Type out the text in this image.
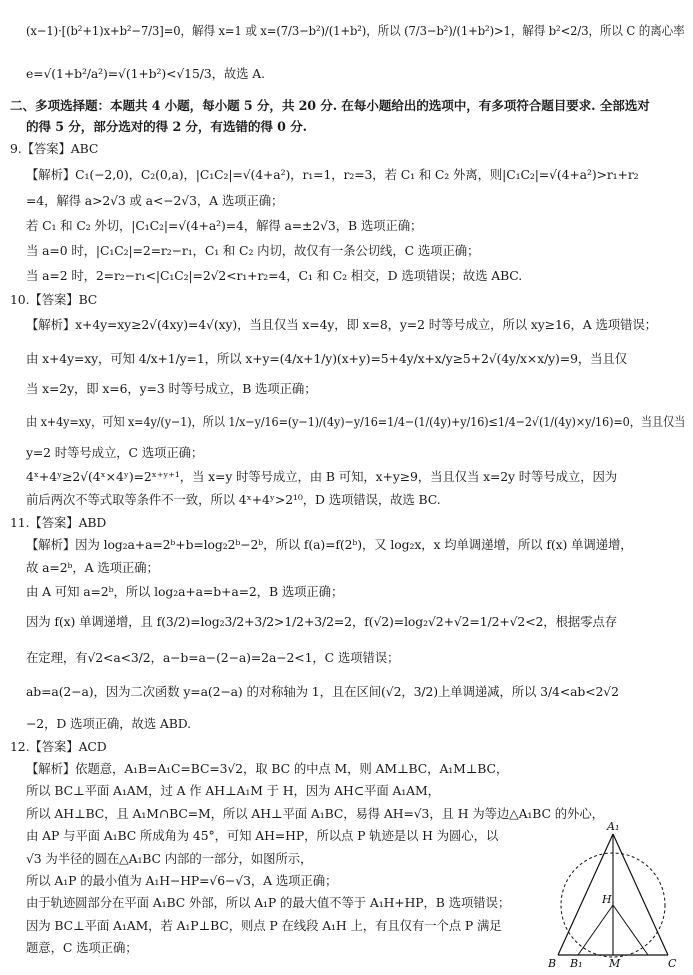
(x−1)·[(b²+1)x+b²−7/3]=0，解得 x=1 或 x=(7/3−b²)/(1+b²)，所以 (7/3−b²)/(1+b²)>1，解得 b²<2/3，所以 C 的离心率
e=√(1+b²/a²)=√(1+b²)<√15/3，故选 A.
二、多项选择题：本题共 4 小题，每小题 5 分，共 20 分. 在每小题给出的选项中，有多项符合题目要求. 全部选对
的得 5 分，部分选对的得 2 分，有选错的得 0 分.
9.【答案】ABC
【解析】C₁(−2,0)，C₂(0,a)，|C₁C₂|=√(4+a²)，r₁=1，r₂=3，若 C₁ 和 C₂ 外离，则|C₁C₂|=√(4+a²)>r₁+r₂
=4，解得 a>2√3 或 a<−2√3，A 选项正确；
若 C₁ 和 C₂ 外切，|C₁C₂|=√(4+a²)=4，解得 a=±2√3，B 选项正确；
当 a=0 时，|C₁C₂|=2=r₂−r₁，C₁ 和 C₂ 内切，故仅有一条公切线，C 选项正确；
当 a=2 时，2=r₂−r₁<|C₁C₂|=2√2<r₁+r₂=4，C₁ 和 C₂ 相交，D 选项错误；故选 ABC.
10.【答案】BC
【解析】x+4y=xy≥2√(4xy)=4√(xy)，当且仅当 x=4y，即 x=8，y=2 时等号成立，所以 xy≥16，A 选项错误；
由 x+4y=xy，可知 4/x+1/y=1，所以 x+y=(4/x+1/y)(x+y)=5+4y/x+x/y≥5+2√(4y/x×x/y)=9，当且仅
当 x=2y，即 x=6，y=3 时等号成立，B 选项正确；
由 x+4y=xy，可知 x=4y/(y−1)，所以 1/x−y/16=(y−1)/(4y)−y/16=1/4−(1/(4y)+y/16)≤1/4−2√(1/(4y)×y/16)=0，当且仅当
y=2 时等号成立，C 选项正确；
4ˣ+4ʸ≥2√(4ˣ×4ʸ)=2ˣ⁺ʸ⁺¹，当 x=y 时等号成立，由 B 可知，x+y≥9，当且仅当 x=2y 时等号成立，因为
前后两次不等式取等条件不一致，所以 4ˣ+4ʸ>2¹⁰，D 选项错误，故选 BC.
11.【答案】ABD
【解析】因为 log₂a+a=2ᵇ+b=log₂2ᵇ−2ᵇ，所以 f(a)=f(2ᵇ)，又 log₂x，x 均单调递增，所以 f(x) 单调递增，
故 a=2ᵇ，A 选项正确；
由 A 可知 a=2ᵇ，所以 log₂a+a=b+a=2，B 选项正确；
因为 f(x) 单调递增，且 f(3/2)=log₂3/2+3/2>1/2+3/2=2，f(√2)=log₂√2+√2=1/2+√2<2，根据零点存
在定理，有√2<a<3/2，a−b=a−(2−a)=2a−2<1，C 选项错误；
ab=a(2−a)，因为二次函数 y=a(2−a) 的对称轴为 1，且在区间(√2，3/2)上单调递减，所以 3/4<ab<2√2
−2，D 选项正确，故选 ABD.
12.【答案】ACD
【解析】依题意，A₁B=A₁C=BC=3√2，取 BC 的中点 M，则 AM⊥BC，A₁M⊥BC，
所以 BC⊥平面 A₁AM，过 A 作 AH⊥A₁M 于 H，因为 AH⊂平面 A₁AM，
所以 AH⊥BC，且 A₁M∩BC=M，所以 AH⊥平面 A₁BC，易得 AH=√3，且 H 为等边△A₁BC 的外心，
由 AP 与平面 A₁BC 所成角为 45°，可知 AH=HP，所以点 P 轨迹是以 H 为圆心，以
√3 为半径的圆在△A₁BC 内部的一部分，如图所示，
所以 A₁P 的最小值为 A₁H−HP=√6−√3，A 选项正确；
由于轨迹圆部分在平面 A₁BC 外部，所以 A₁P 的最大值不等于 A₁H+HP，B 选项错误；
因为 BC⊥平面 A₁AM，若 A₁P⊥BC，则点 P 在线段 A₁H 上，有且仅有一个点 P 满足
题意，C 选项正确；
A₁
H
B B₁ M	C
